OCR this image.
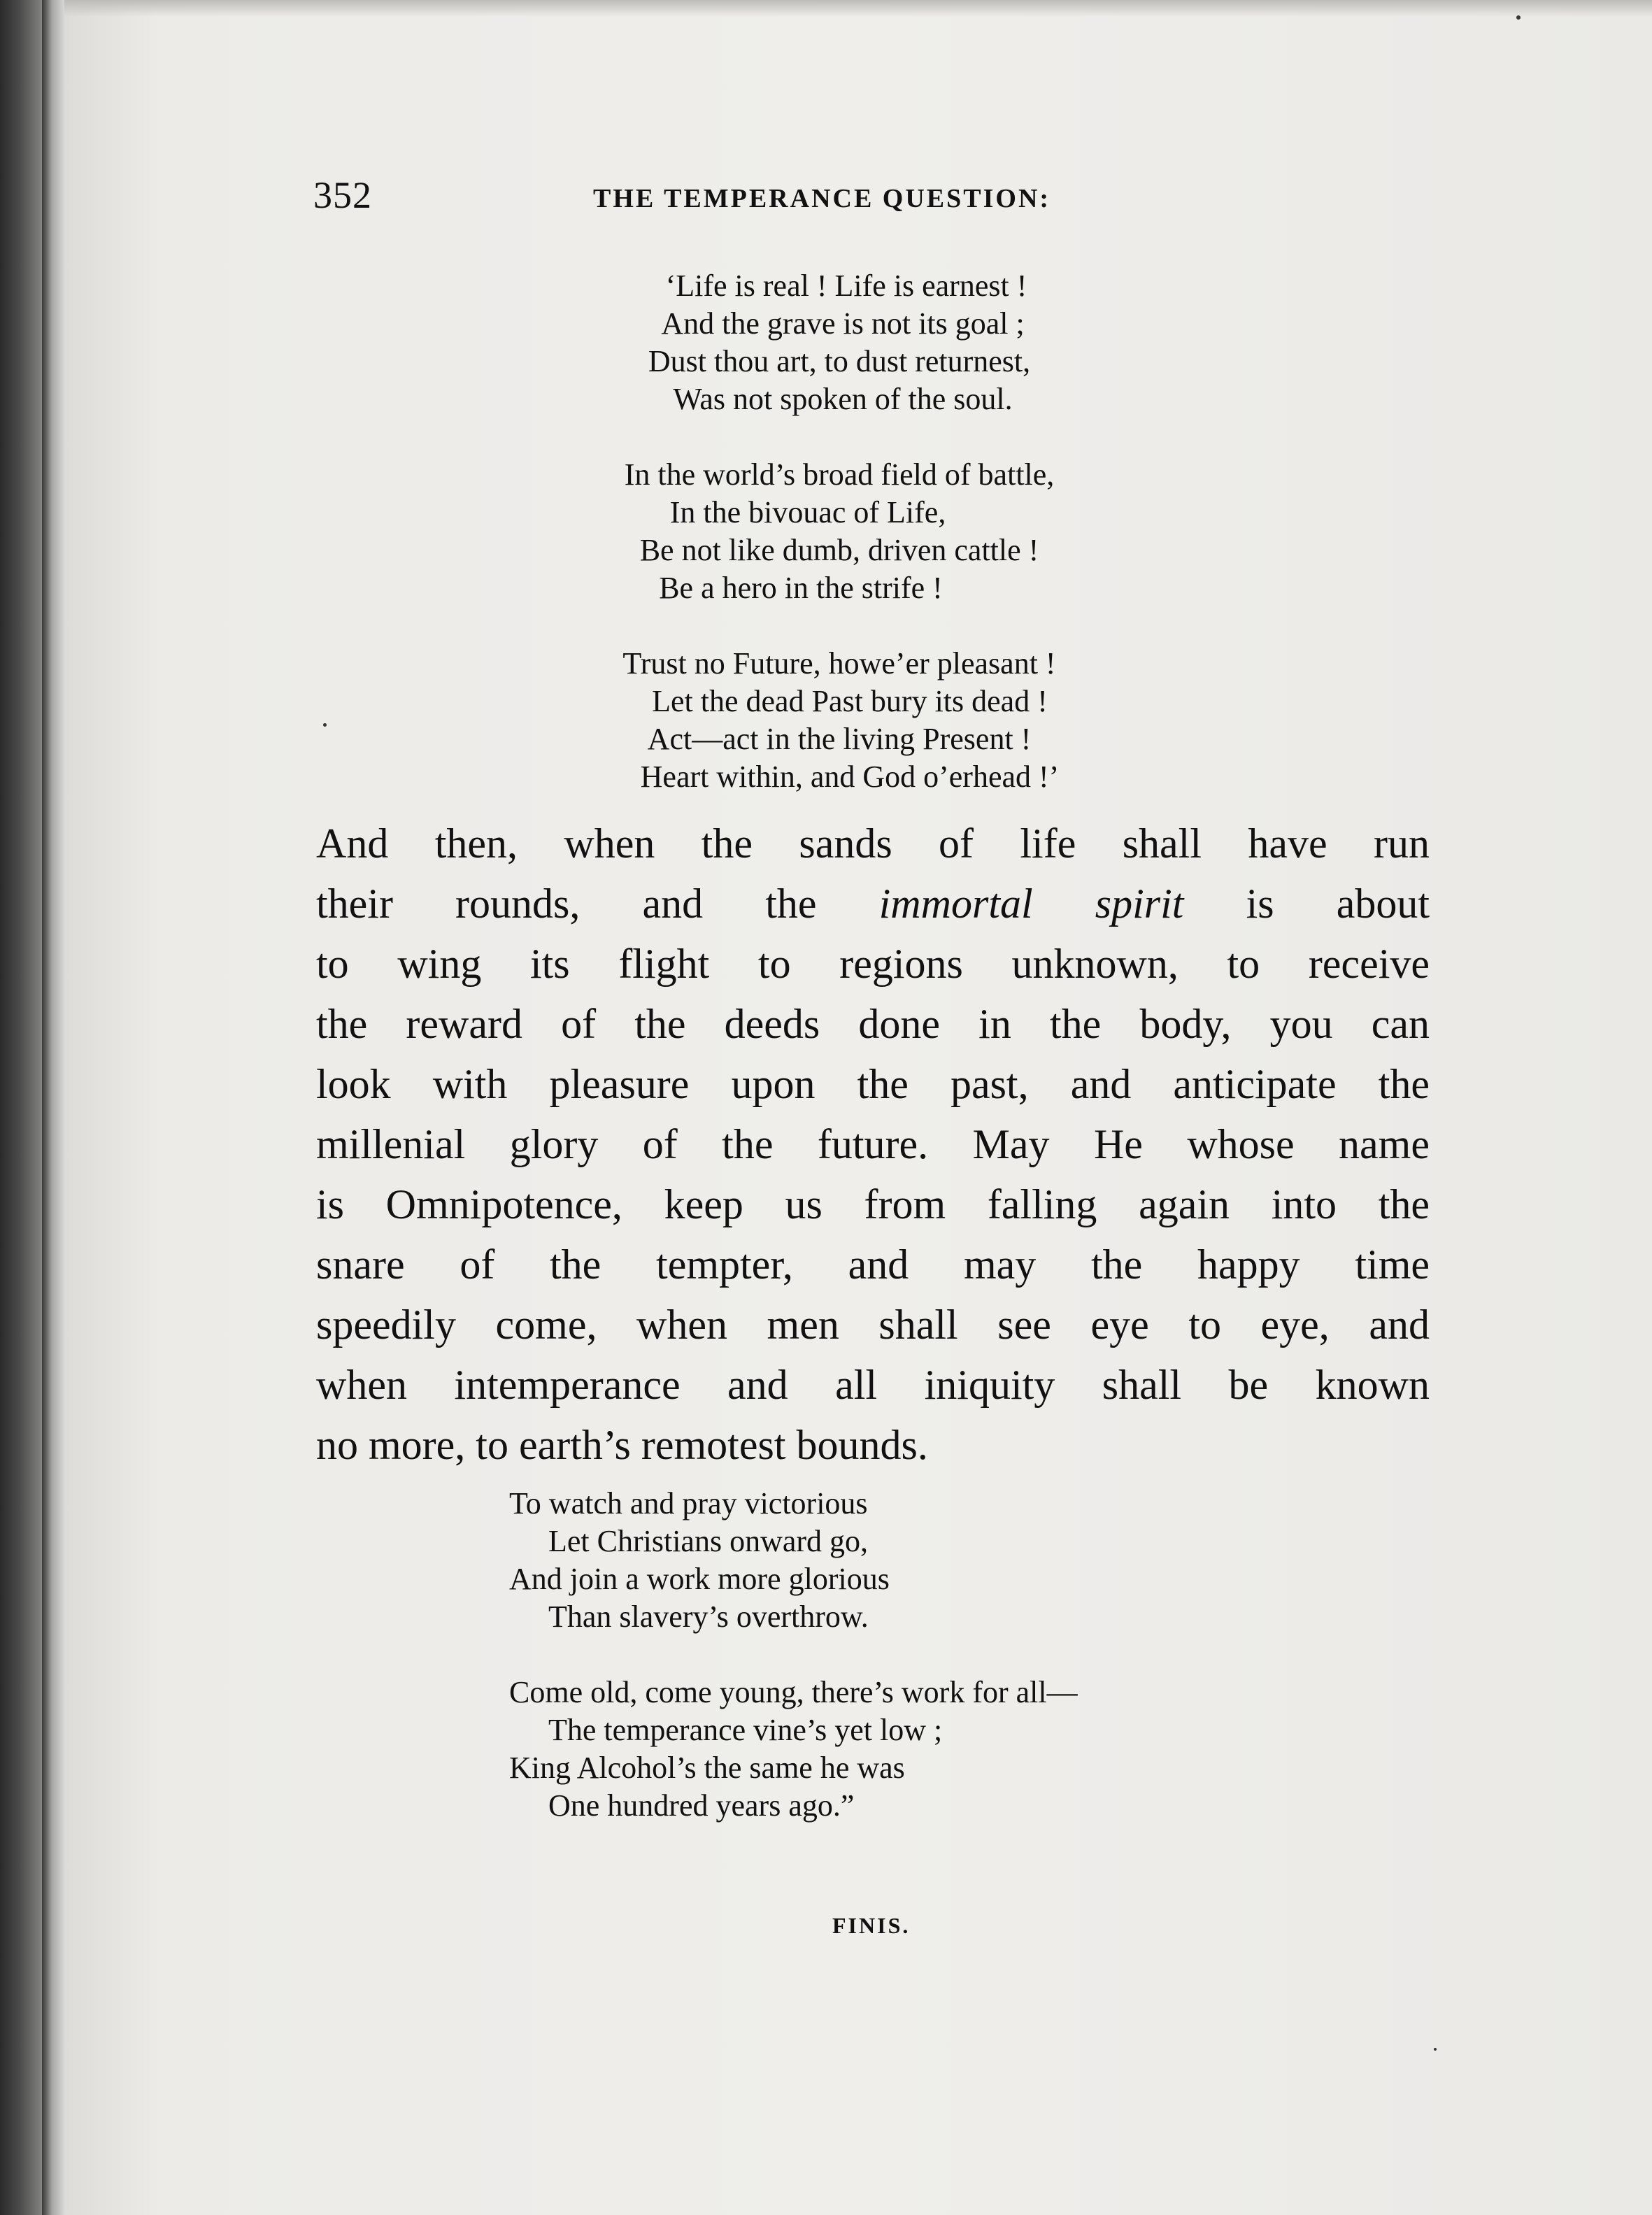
352	THE TEMPERANCE QUESTION:
‘Life is real ! Life is earnest !
And the grave is not its goal ;
Dust thou art, to dust returnest,
Was not spoken of the soul.
In the world’s broad field of battle,
In the bivouac of Life,
Be not like dumb, driven cattle !
Be a hero in the strife !
Trust no Future, howe’er pleasant !
Let the dead Past bury its dead !
Act—act in the living Present !
Heart within, and God o’erhead !’
And then, when the sands of life shall have run
their rounds, and the immortal spirit is about
to wing its flight to regions unknown, to receive
the reward of the deeds done in the body, you can
look with pleasure upon the past, and anticipate the
millenial glory of the future. May He whose name
is Omnipotence, keep us from falling again into the
snare of the tempter, and may the happy time
speedily come, when men shall see eye to eye, and
when intemperance and all iniquity shall be known
no more, to earth’s remotest bounds.
To watch and pray victorious
Let Christians onward go,
And join a work more glorious
Than slavery’s overthrow.
Come old, come young, there’s work for all—
The temperance vine’s yet low ;
King Alcohol’s the same he was
One hundred years ago.”
FINIS.
